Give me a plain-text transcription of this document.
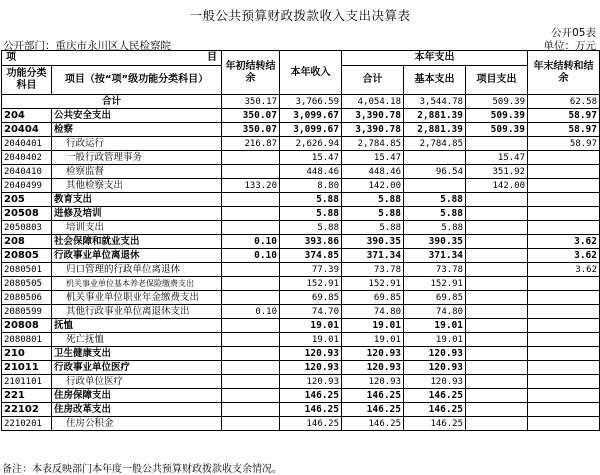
一般公共预算财政拨款收入支出决算表
公开05表
公开部门：重庆市永川区人民检察院	单位：万元
项 目		年初结转结余	本年收入	本年支出			年末结转和结余
功能分类科目	项目（按“项”级功能分类科目）			合计	基本支出	项目支出	

合计		350.17	3,766.59	4,054.18	3,544.78	509.39	62.58
204	公共安全支出	350.07	3,099.67	3,390.78	2,881.39	509.39	58.97
20404	检察	350.07	3,099.67	3,390.78	2,881.39	509.39	58.97
2040401	行政运行	216.87	2,626.94	2,784.85	2,784.85		58.97
2040402	一般行政管理事务		15.47	15.47		15.47	
2040410	检察监督		448.46	448.46	96.54	351.92	
2040499	其他检察支出	133.20	8.80	142.00		142.00	
205	教育支出		5.88	5.88	5.88		
20508	进修及培训		5.88	5.88	5.88		
2050803	培训支出		5.88	5.88	5.88		
208	社会保障和就业支出	0.10	393.86	390.35	390.35		3.62
20805	行政事业单位离退休	0.10	374.85	371.34	371.34		3.62
2080501	归口管理的行政单位离退休		77.39	73.78	73.78		3.62
2080505	机关事业单位基本养老保险缴费支出		152.91	152.91	152.91		
2080506	机关事业单位职业年金缴费支出		69.85	69.85	69.85		
2080599	其他行政事业单位离退休支出	0.10	74.70	74.80	74.80		
20808	抚恤		19.01	19.01	19.01		
2080801	死亡抚恤		19.01	19.01	19.01		
210	卫生健康支出		120.93	120.93	120.93		
21011	行政事业单位医疗		120.93	120.93	120.93		
2101101	行政单位医疗		120.93	120.93	120.93		
221	住房保障支出		146.25	146.25	146.25		
22102	住房改革支出		146.25	146.25	146.25		
2210201	住房公积金		146.25	146.25	146.25		
备注：本表反映部门本年度一般公共预算财政拨款收支余情况。
